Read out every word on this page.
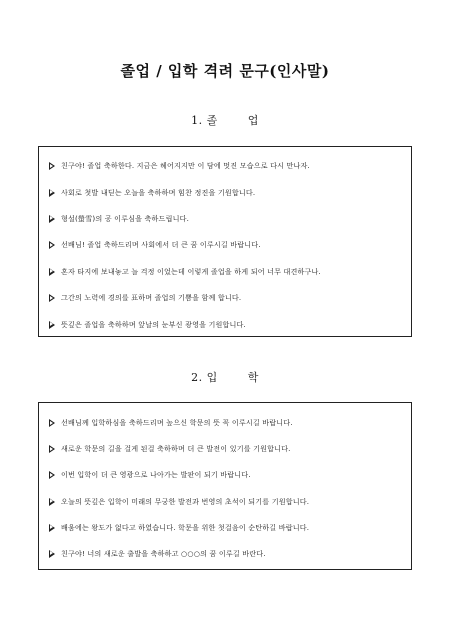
졸업 / 입학 격려 문구(인사말)
1. 졸 업
친구야! 졸업 축하한다. 지금은 헤어지지만 이 담에 멋진 모습으로 다시 만나자.
사회로 첫발 내딛는 오늘을 축하하며 힘찬 정진을 기원합니다.
형설(螢雪)의 공 이루심을 축하드립니다.
선배님! 졸업 축하드리며 사회에서 더 큰 꿈 이루시길 바랍니다.
혼자 타지에 보내놓고 늘 걱정 이었는데 이렇게 졸업을 하게 되어 너무 대견하구나.
그간의 노력에 경의를 표하며 졸업의 기쁨을 함께 합니다.
뜻깊은 졸업을 축하하며 앞날의 눈부신 광영을 기원합니다.
2. 입 학
선배님께 입학하심을 축하드리며 높으신 학문의 뜻 꼭 이루시길 바랍니다.
새로운 학문의 길을 걸게 된걸 축하하며 더 큰 발전이 있기를 기원합니다.
이번 입학이 더 큰 영광으로 나아가는 발판이 되기 바랍니다.
오늘의 뜻깊은 입학이 미래의 무궁한 발전과 번영의 초석이 되기를 기원합니다.
배움에는 왕도가 없다고 하였습니다. 학문을 위한 첫걸음이 순탄하길 바랍니다.
친구야! 너의 새로운 출발을 축하하고 ○○○의 꿈 이루길 바란다.
